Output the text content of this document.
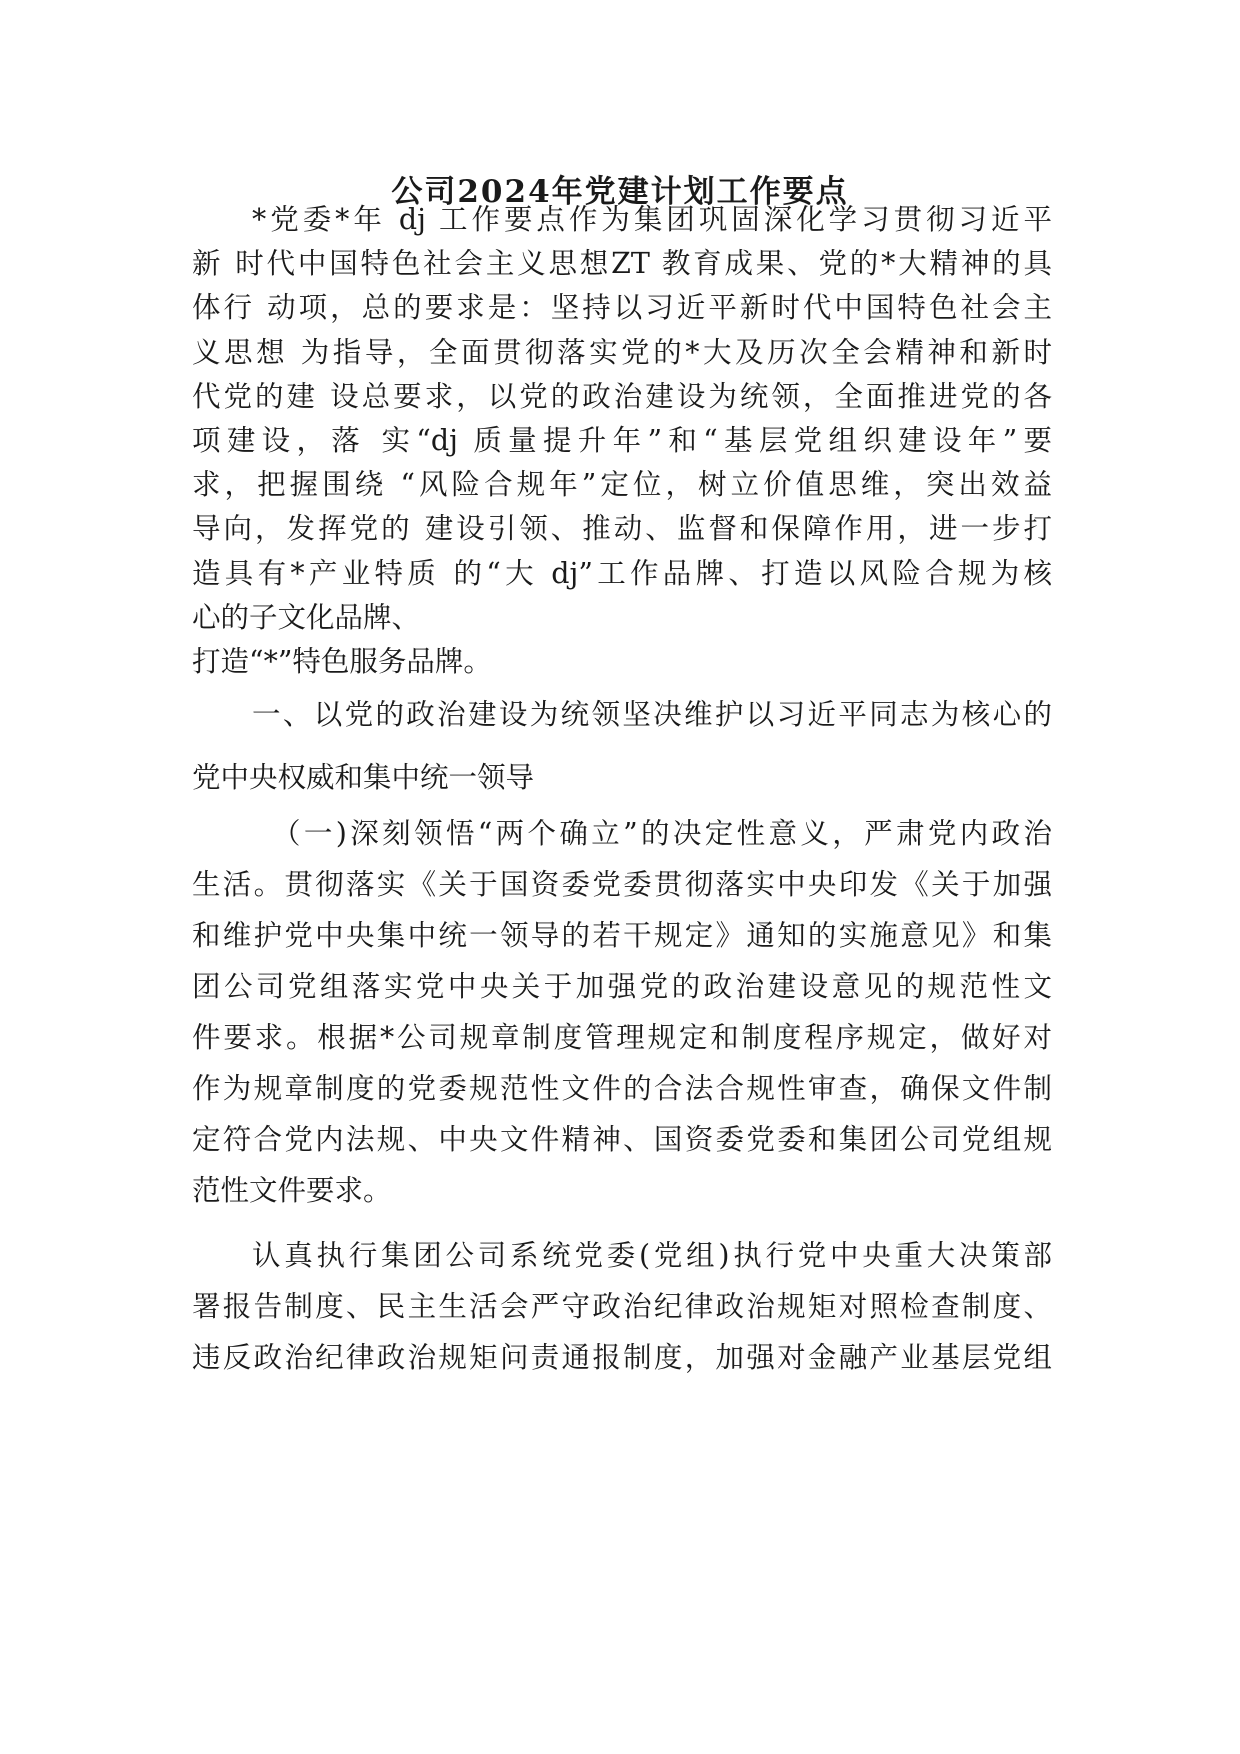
公司2024年党建计划工作要点

*党委*年 dj 工作要点作为集团巩固深化学习贯彻习近平

新 时代中国特色社会主义思想ZT 教育成果、党的*大精神的具

体行 动项，总的要求是：坚持以习近平新时代中国特色社会主

义思想 为指导，全面贯彻落实党的*大及历次全会精神和新时

代党的建 设总要求，以党的政治建设为统领，全面推进党的各

项建设，落 实“dj 质量提升年”和“基层党组织建设年”要

求，把握围绕 “风险合规年”定位，树立价值思维，突出效益

导向，发挥党的 建设引领、推动、监督和保障作用，进一步打

造具有*产业特质 的“大 dj”工作品牌、打造以风险合规为核

心的子文化品牌、

打造“*”特色服务品牌。

一、以党的政治建设为统领坚决维护以习近平同志为核心的

党中央权威和集中统一领导

（一)深刻领悟“两个确立”的决定性意义，严肃党内政治

生活。贯彻落实《关于国资委党委贯彻落实中央印发《关于加强

和维护党中央集中统一领导的若干规定》通知的实施意见》和集

团公司党组落实党中央关于加强党的政治建设意见的规范性文

件要求。根据*公司规章制度管理规定和制度程序规定，做好对

作为规章制度的党委规范性文件的合法合规性审查，确保文件制

定符合党内法规、中央文件精神、国资委党委和集团公司党组规

范性文件要求。

认真执行集团公司系统党委(党组)执行党中央重大决策部

署报告制度、民主生活会严守政治纪律政治规矩对照检查制度、

违反政治纪律政治规矩问责通报制度，加强对金融产业基层党组
